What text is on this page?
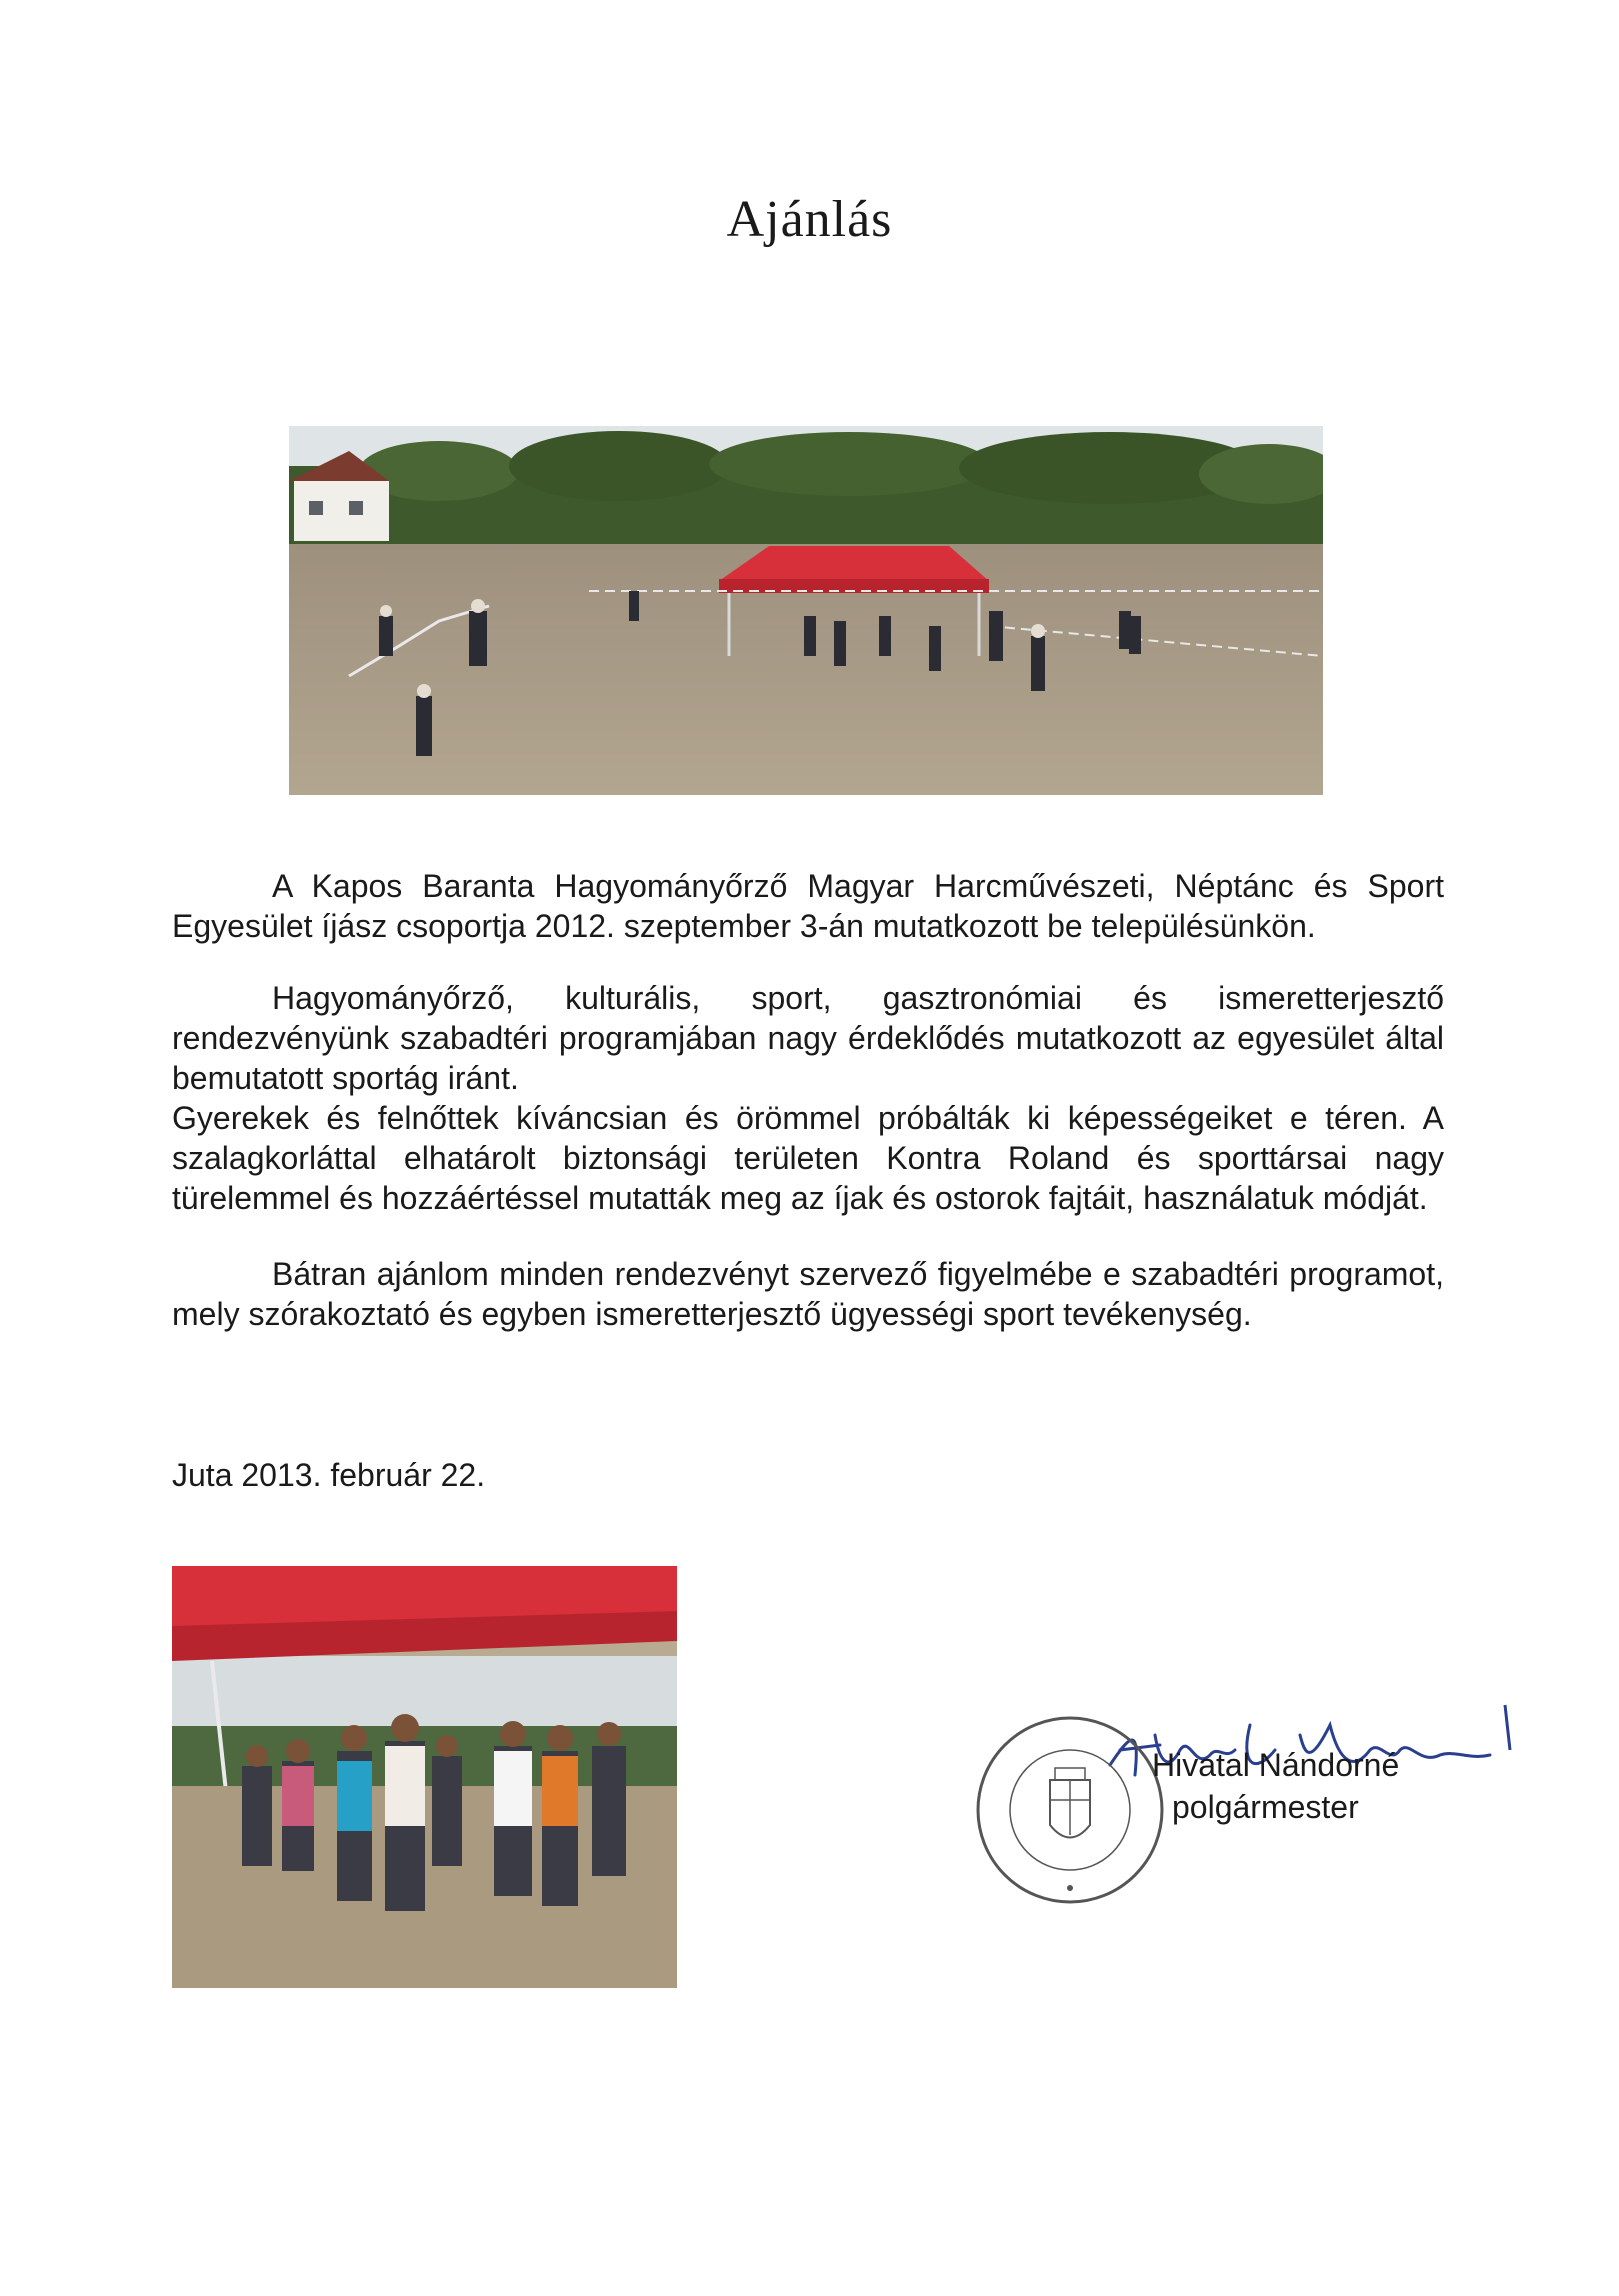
Ajánlás
A Kapos Baranta Hagyományőrző Magyar Harcművészeti, Néptánc és Sport Egyesület íjász csoportja 2012. szeptember 3-án mutatkozott be településünkön.
Hagyományőrző, kulturális, sport, gasztronómiai és ismeretterjesztő rendezvényünk szabadtéri programjában nagy érdeklődés mutatkozott az egyesület által bemutatott sportág iránt.
Gyerekek és felnőttek kíváncsian és örömmel próbálták ki képességeiket e téren. A szalagkorláttal elhatárolt biztonsági területen Kontra Roland és sporttársai nagy türelemmel és hozzáértéssel mutatták meg az íjak és ostorok fajtáit, használatuk módját.
Bátran ajánlom minden rendezvényt szervező figyelmébe e szabadtéri programot, mely szórakoztató és egyben ismeretterjesztő ügyességi sport tevékenység.
Juta 2013. február 22.
Hivatal Nándorné
polgármester
